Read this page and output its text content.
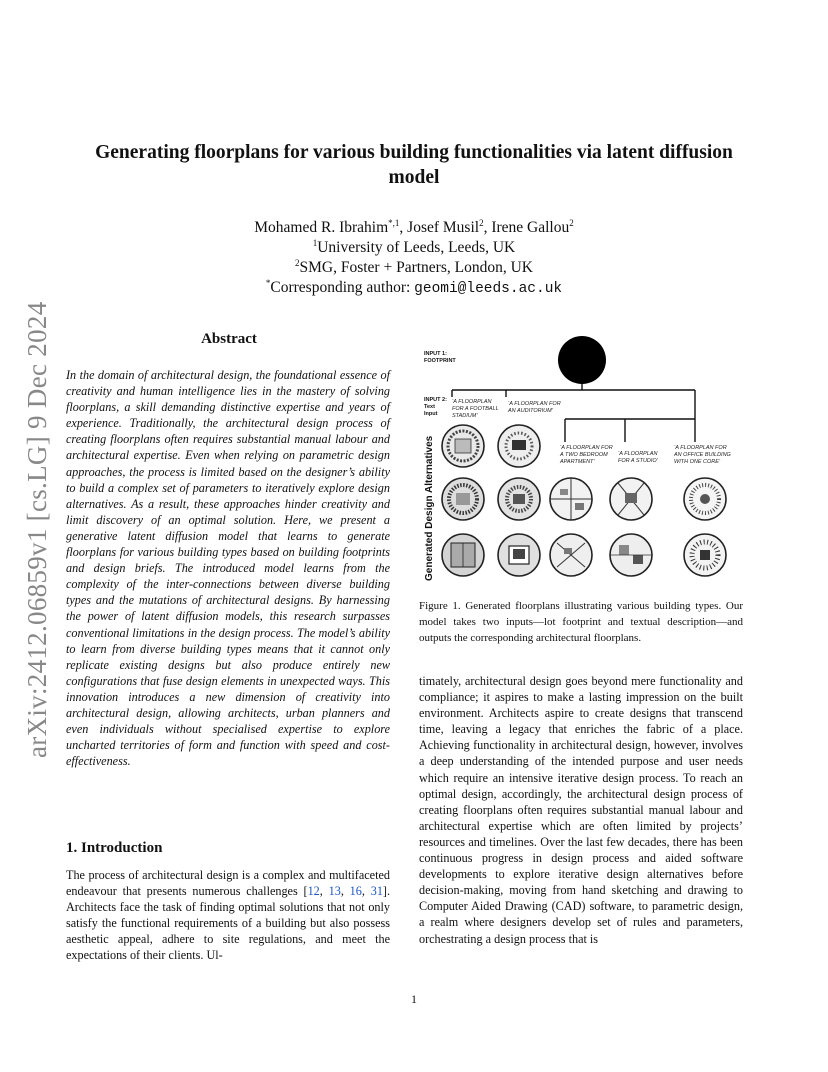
arXiv:2412.06859v1 [cs.LG] 9 Dec 2024
Generating floorplans for various building functionalities via latent diffusion
model
Mohamed R. Ibrahim$^{*,1}$, Josef Musil$^2$, Irene Gallou$^2$
$^1$University of Leeds, Leeds, UK
$^2$SMG, Foster + Partners, London, UK
*Corresponding author: geomi@leeds.ac.uk
Abstract
In the domain of architectural design, the foundational essence of creativity and human intelligence lies in the mastery of solving floorplans, a skill demanding distinctive expertise and years of experience. Traditionally, the architectural design process of creating floorplans often requires substantial manual labour and architectural expertise. Even when relying on parametric design approaches, the process is limited based on the designer’s ability to build a complex set of parameters to iteratively explore design alternatives. As a result, these approaches hinder creativity and limit discovery of an optimal solution. Here, we present a generative latent diffusion model that learns to generate floorplans for various building types based on building footprints and design briefs. The introduced model learns from the complexity of the inter-connections between diverse building types and the mutations of architectural designs. By harnessing the power of latent diffusion models, this research surpasses conventional limitations in the design process. The model’s ability to learn from diverse building types means that it cannot only replicate existing designs but also produce entirely new configurations that fuse design elements in unexpected ways. This innovation introduces a new dimension of creativity into architectural design, allowing architects, urban planners and even individuals without specialised expertise to explore uncharted territories of form and function with speed and cost-effectiveness.
1. Introduction
The process of architectural design is a complex and multifaceted endeavour that presents numerous challenges [12, 13, 16, 31]. Architects face the task of finding optimal solutions that not only satisfy the functional requirements of a building but also possess aesthetic appeal, adhere to site regulations, and meet the expectations of their clients. Ul-
INPUT 1:
FOOTPRINT
INPUT 2:
Text
Input
‘A FLOORPLAN
FOR A FOOTBALL
STADIUM’
‘A FLOORPLAN FOR
AN AUDITORIUM’
‘A FLOORPLAN FOR
A TWO BEDROOM
APARTMENT’
‘A FLOORPLAN
FOR A STUDIO’
‘A FLOORPLAN FOR
AN OFFICE BUILDING
WITH ONE CORE’
Generated Design Alternatives
Figure 1. Generated floorplans illustrating various building types. Our model takes two inputs—lot footprint and textual description—and outputs the corresponding architectural floorplans.
timately, architectural design goes beyond mere functionality and compliance; it aspires to make a lasting impression on the built environment. Architects aspire to create designs that transcend time, leaving a legacy that enriches the fabric of a place. Achieving functionality in architectural design, however, involves a deep understanding of the intended purpose and user needs which require an intensive iterative design process. To reach an optimal design, accordingly, the architectural design process of creating floorplans often requires substantial manual labour and architectural expertise which are often limited by projects’ resources and timelines. Over the last few decades, there has been continuous progress in design process and aided software developments to explore iterative design alternatives before decision-making, moving from hand sketching and drawing to Computer Aided Drawing (CAD) software, to parametric design, a realm where designers develop set of rules and parameters, orchestrating a design process that is
1
